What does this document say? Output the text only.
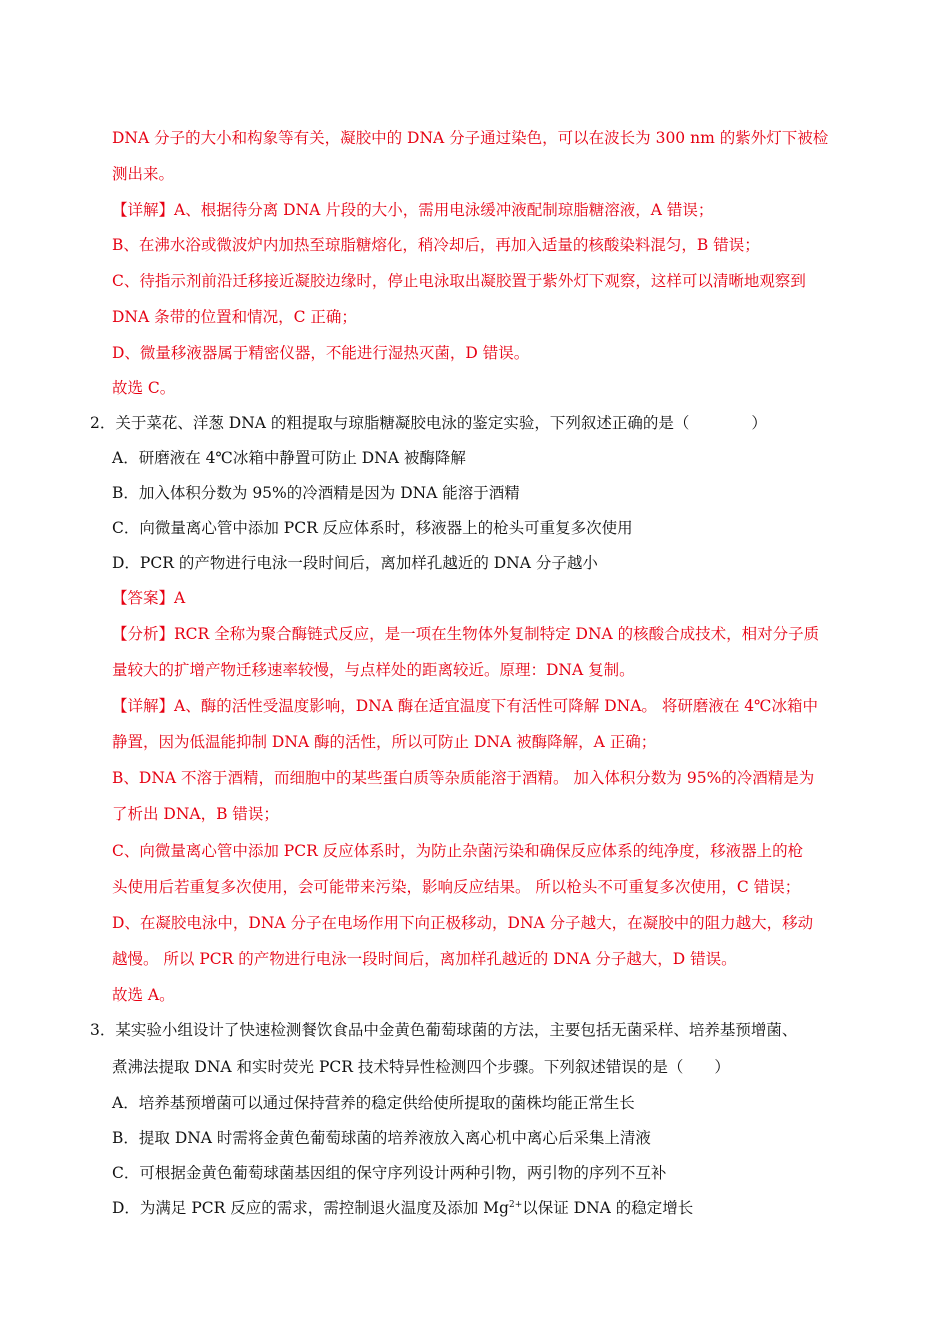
DNA 分子的大小和构象等有关，凝胶中的 DNA 分子通过染色，可以在波长为 300 nm 的紫外灯下被检
测出来。
【详解】A、根据待分离 DNA 片段的大小，需用电泳缓冲液配制琼脂糖溶液，A 错误；
B、在沸水浴或微波炉内加热至琼脂糖熔化，稍冷却后，再加入适量的核酸染料混匀，B 错误；
C、待指示剂前沿迁移接近凝胶边缘时，停止电泳取出凝胶置于紫外灯下观察，这样可以清晰地观察到
DNA 条带的位置和情况，C 正确；
D、微量移液器属于精密仪器，不能进行湿热灭菌，D 错误。
故选 C。
2．关于菜花、洋葱 DNA 的粗提取与琼脂糖凝胶电泳的鉴定实验，下列叙述正确的是（　　　　）
A．研磨液在 4℃冰箱中静置可防止 DNA 被酶降解
B．加入体积分数为 95%的冷酒精是因为 DNA 能溶于酒精
C．向微量离心管中添加 PCR 反应体系时，移液器上的枪头可重复多次使用
D．PCR 的产物进行电泳一段时间后，离加样孔越近的 DNA 分子越小
【答案】A
【分析】RCR 全称为聚合酶链式反应，是一项在生物体外复制特定 DNA 的核酸合成技术，相对分子质
量较大的扩增产物迁移速率较慢，与点样处的距离较近。原理：DNA 复制。
【详解】A、酶的活性受温度影响，DNA 酶在适宜温度下有活性可降解 DNA。 将研磨液在 4℃冰箱中
静置，因为低温能抑制 DNA 酶的活性，所以可防止 DNA 被酶降解，A 正确；
B、DNA 不溶于酒精，而细胞中的某些蛋白质等杂质能溶于酒精。 加入体积分数为 95%的冷酒精是为
了析出 DNA，B 错误；
C、向微量离心管中添加 PCR 反应体系时，为防止杂菌污染和确保反应体系的纯净度，移液器上的枪
头使用后若重复多次使用，会可能带来污染，影响反应结果。 所以枪头不可重复多次使用，C 错误；
D、在凝胶电泳中，DNA 分子在电场作用下向正极移动，DNA 分子越大，在凝胶中的阻力越大，移动
越慢。 所以 PCR 的产物进行电泳一段时间后，离加样孔越近的 DNA 分子越大，D 错误。
故选 A。
3．某实验小组设计了快速检测餐饮食品中金黄色葡萄球菌的方法，主要包括无菌采样、培养基预增菌、
煮沸法提取 DNA 和实时荧光 PCR 技术特异性检测四个步骤。下列叙述错误的是（　　）
A．培养基预增菌可以通过保持营养的稳定供给使所提取的菌株均能正常生长
B．提取 DNA 时需将金黄色葡萄球菌的培养液放入离心机中离心后采集上清液
C．可根据金黄色葡萄球菌基因组的保守序列设计两种引物，两引物的序列不互补
D．为满足 PCR 反应的需求，需控制退火温度及添加 $Mg^{2+}$以保证 DNA 的稳定增长
